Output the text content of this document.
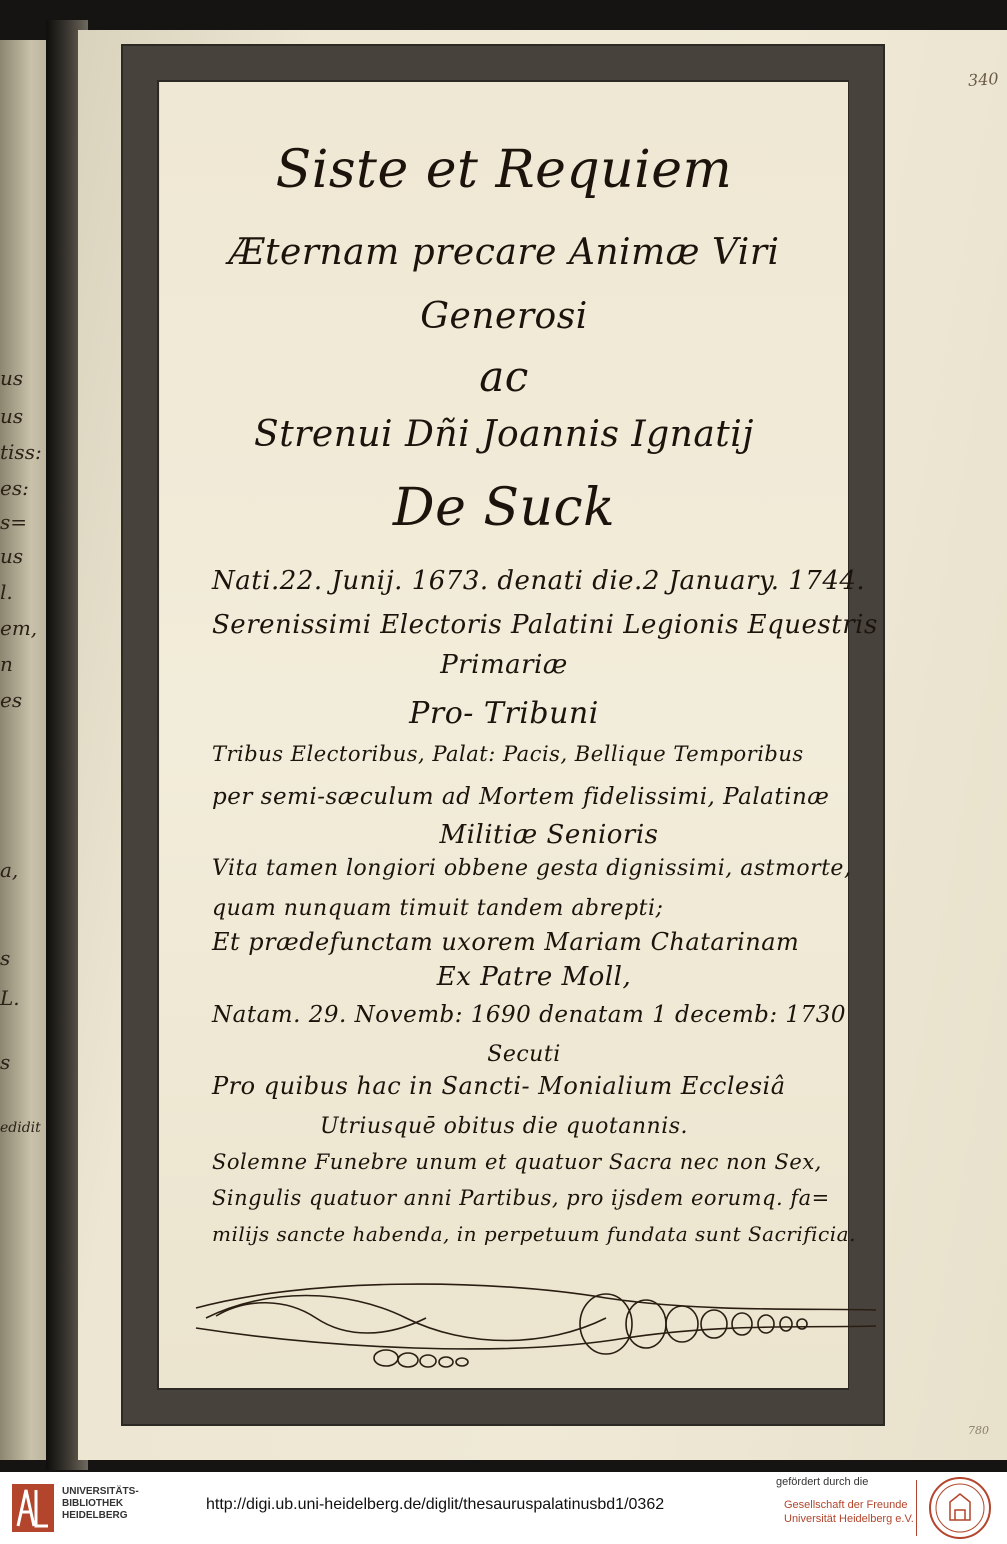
us
us
tiss:
es:
s=
us
l.
em,
n
es
a,
s
L.
s
edidit
340
780
Siste et Requiem
Æternam precare Animæ Viri
Generosi
ac
Strenui Dñi Joannis Ignatij
De Suck
Nati.22. Junij. 1673. denati die.2 January. 1744.
Serenissimi Electoris Palatini Legionis Equestris
Primariæ
Pro- Tribuni
Tribus Electoribus, Palat: Pacis, Bellique Temporibus
per semi-sæculum ad Mortem fidelissimi, Palatinæ
Militiæ Senioris
Vita tamen longiori obbene gesta dignissimi, astmorte,
quam nunquam timuit tandem abrepti;
Et prædefunctam uxorem Mariam Chatarinam
Ex Patre Moll,
Natam. 29. Novemb: 1690 denatam 1 decemb: 1730
Secuti
Pro quibus hac in Sancti- Monialium Ecclesiâ
Utriusquē obitus die quotannis.
Solemne Funebre unum et quatuor Sacra nec non Sex,
Singulis quatuor anni Partibus, pro ijsdem eorumq. fa=
milijs sancte habenda, in perpetuum fundata sunt Sacrificia.
UNIVERSITÄTS-
BIBLIOTHEK
HEIDELBERG
http://digi.ub.uni-heidelberg.de/diglit/thesauruspalatinusbd1/0362
gefördert durch die
Gesellschaft der Freunde
Universität Heidelberg e.V.
